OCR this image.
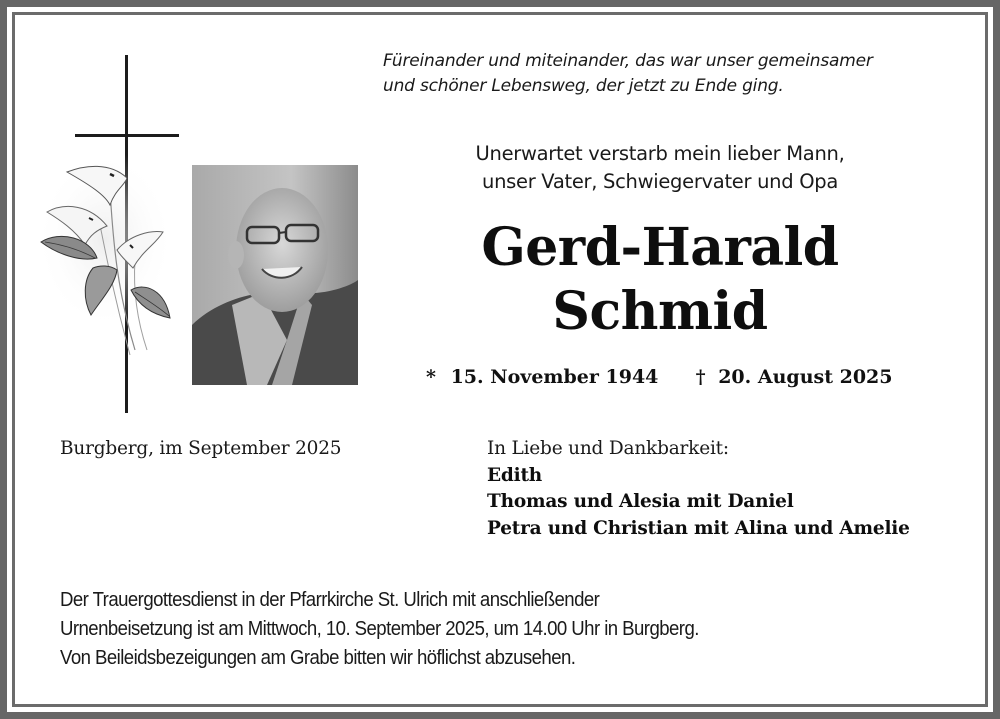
Füreinander und miteinander, das war unser gemeinsamer
und schöner Lebensweg, der jetzt zu Ende ging.
Unerwartet verstarb mein lieber Mann,
unser Vater, Schwiegervater und Opa
Gerd-Harald
Schmid
* 15. November 1944 † 20. August 2025
Burgberg, im September 2025	In Liebe und Dankbarkeit:
Edith
Thomas und Alesia mit Daniel
Petra und Christian mit Alina und Amelie
Der Trauergottesdienst in der Pfarrkirche St. Ulrich mit anschließender
Urnenbeisetzung ist am Mittwoch, 10. September 2025, um 14.00 Uhr in Burgberg.
Von Beileidsbezeigungen am Grabe bitten wir höflichst abzusehen.
